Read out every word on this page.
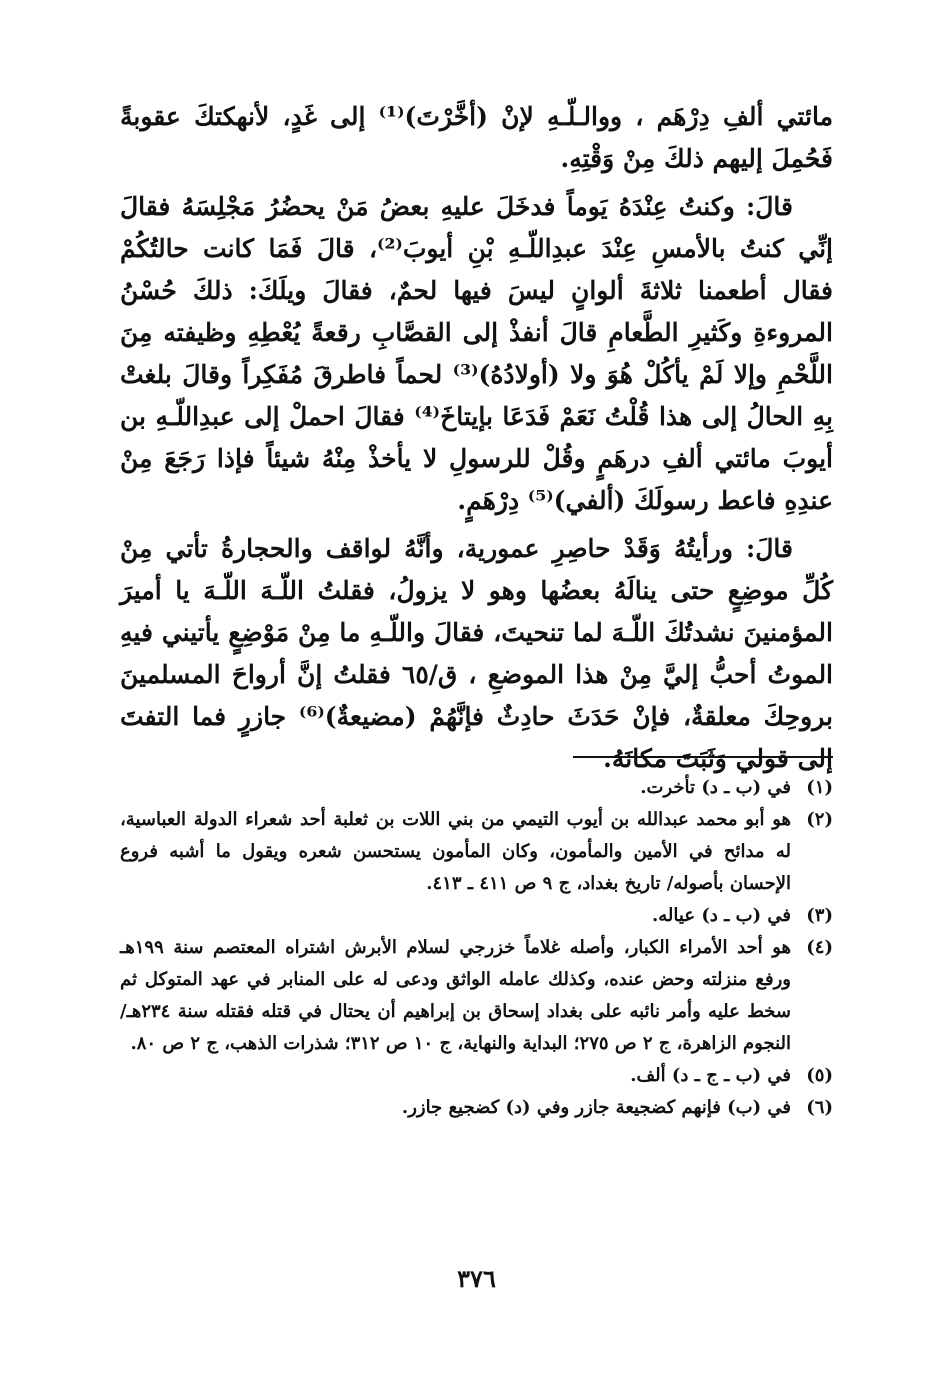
مائتي ألفِ دِرْهَم ، ووالـلّـهِ لإنْ (أخَّرْتَ)⁽¹⁾ إلى غَدٍ، لأنهكتكَ عقوبةً فَحُمِلَ إليهم ذلكَ مِنْ وَقْتِهِ.

قالَ: وكنتُ عِنْدَهُ يَوماً فدخَلَ عليهِ بعضُ مَنْ يحضُرُ مَجْلِسَهُ فقالَ إنِّي كنتُ بالأمسِ عِنْدَ عبدِاللّـهِ بْنِ أيوبَ⁽²⁾، قالَ فَمَا كانت حالتُكُمْ فقال أطعمنا ثلاثةَ ألوانٍ ليسَ فيها لحمٌ، فقالَ ويلَكَ: ذلكَ حُسْنُ المروءةِ وكَثيرِ الطَّعامِ قالَ أنفذْ إلى القصَّابِ رقعةً يُعْطِهِ وظيفته مِنَ اللَّحْمِ وإلا لَمْ يأكُلْ هُوَ ولا (أولادُهُ)⁽³⁾ لحماً فاطرقَ مُفَكِراً وقالَ بلغتْ بِهِ الحالُ إلى هذا قُلْتُ نَعَمْ فَدَعَا بإيتاخَ⁽⁴⁾ فقالَ احملْ إلى عبدِاللّـهِ بن أيوبَ مائتي ألفِ درهَمٍ وقُلْ للرسولِ لا يأخذْ مِنْهُ شيئاً فإذا رَجَعَ مِنْ عندِهِ فاعط رسولَكَ (ألفي)⁽⁵⁾ دِرْهَمٍ.

قالَ: ورأيتُهُ وَقَدْ حاصِرِ عمورية، وأنَّهُ لواقف والحجارةُ تأتي مِنْ كُلِّ موضِعٍ حتى ينالَهُ بعضُها وهو لا يزولُ، فقلتُ اللّـهَ اللّـهَ يا أميرَ المؤمنينَ نشدتُكَ اللّـهَ لما تنحيتَ، فقالَ واللّـهِ ما مِنْ مَوْضِعٍ يأتيني فيهِ الموتُ أحبُّ إليَّ مِنْ هذا الموضعِ ، ق/٦٥ فقلتُ إنَّ أرواحَ المسلمينَ بروحِكَ معلقةٌ، فإنْ حَدَثَ حادِثٌ فإنَّهُمْ (مضيعةٌ)⁽⁶⁾ جازرٍ فما التفتَ إلى قولي وَثَبَتَ مكانَهُ.

(١)
في (ب ـ د) تأخرت.
(٢)
هو أبو محمد عبدالله بن أيوب التيمي من بني اللات بن ثعلبة أحد شعراء الدولة العباسية، له مدائح في الأمين والمأمون، وكان المأمون يستحسن شعره ويقول ما أشبه فروع الإحسان بأصوله/ تاريخ بغداد، ج ٩ ص ٤١١ ـ ٤١٣.
(٣)
في (ب ـ د) عياله.
(٤)
هو أحد الأمراء الكبار، وأصله غلاماً خزرجي لسلام الأبرش اشتراه المعتصم سنة ١٩٩هـ ورفع منزلته وحض عنده، وكذلك عامله الواثق ودعى له على المنابر في عهد المتوكل ثم سخط عليه وأمر نائبه على بغداد إسحاق بن إبراهيم أن يحتال في قتله فقتله سنة ٢٣٤هـ/ النجوم الزاهرة، ج ٢ ص ٢٧٥؛ البداية والنهاية، ج ١٠ ص ٣١٢؛ شذرات الذهب، ج ٢ ص ٨٠.
(٥)
في (ب ـ ج ـ د) ألف.
(٦)
في (ب) فإنهم كضجيعة جازر وفي (د) كضجيع جازر.
٣٧٦
